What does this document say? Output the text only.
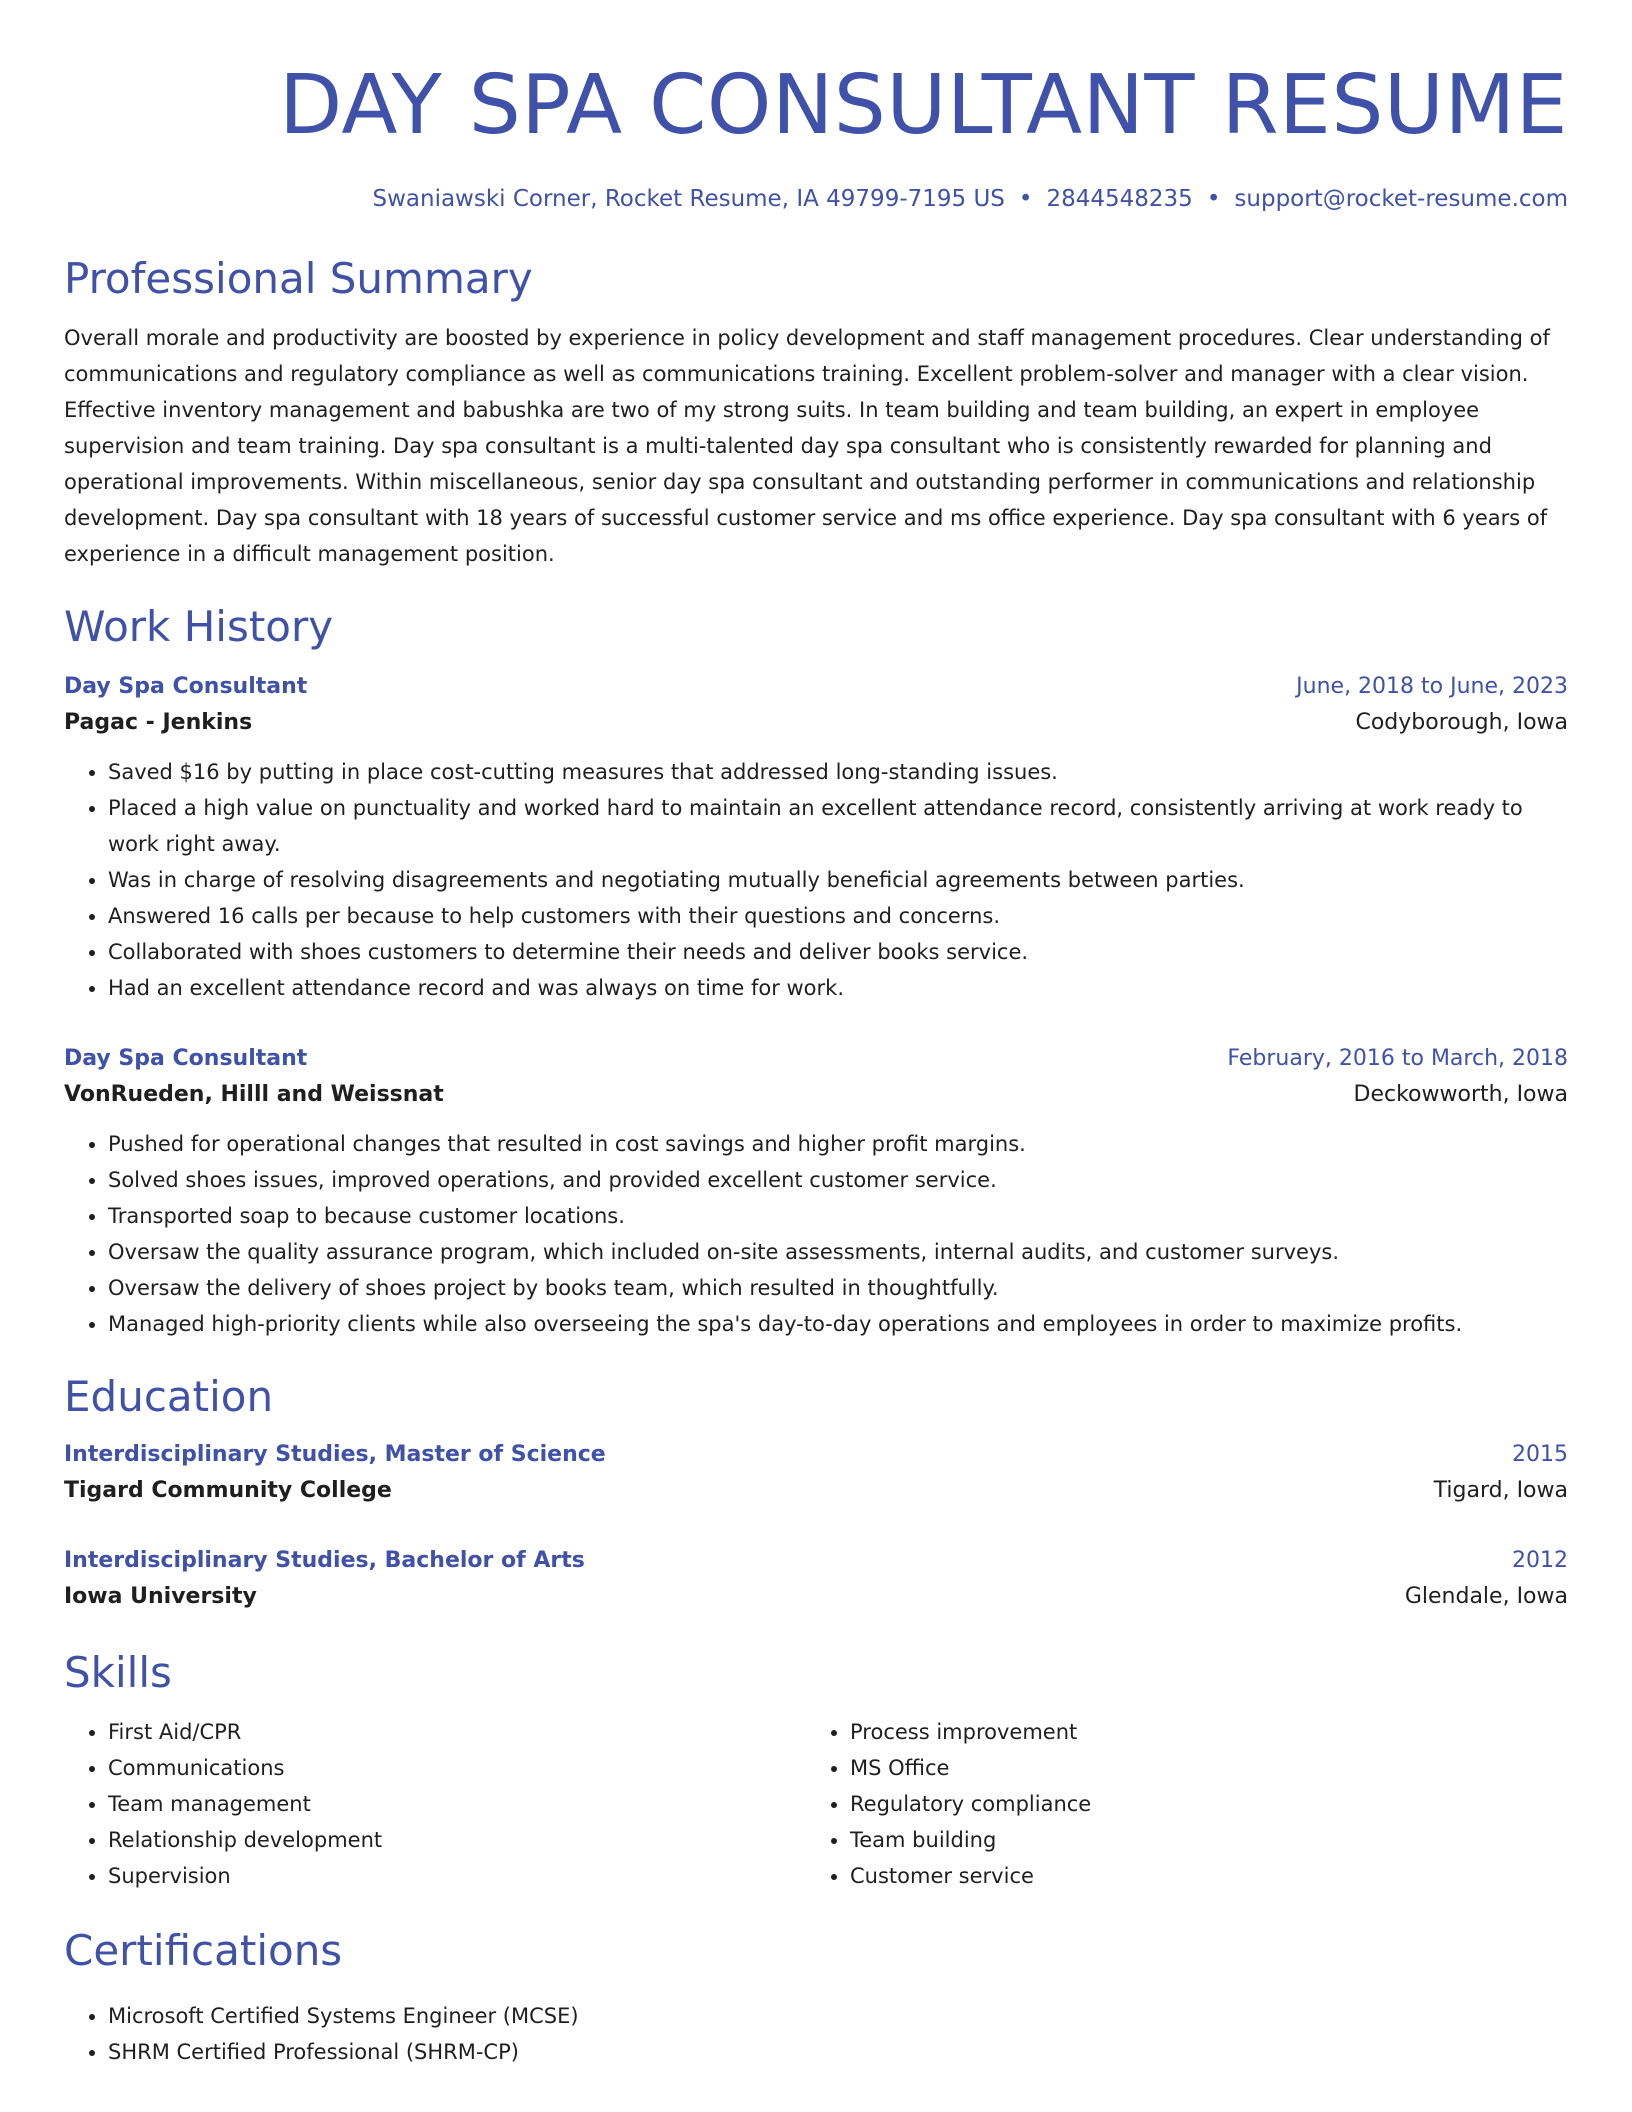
DAY SPA CONSULTANT RESUME
Swaniawski Corner, Rocket Resume, IA 49799-7195 US • 2844548235 • support@rocket-resume.com
Professional Summary

Overall morale and productivity are boosted by experience in policy development and staff management procedures. Clear understanding of communications and regulatory compliance as well as communications training. Excellent problem-solver and manager with a clear vision. Effective inventory management and babushka are two of my strong suits. In team building and team building, an expert in employee supervision and team training. Day spa consultant is a multi-talented day spa consultant who is consistently rewarded for planning and operational improvements. Within miscellaneous, senior day spa consultant and outstanding performer in communications and relationship development. Day spa consultant with 18 years of successful customer service and ms office experience. Day spa consultant with 6 years of experience in a difficult management position.

Work History
Day Spa Consultant	June, 2018 to June, 2023
Pagac - Jenkins	Codyborough, Iowa
• Saved $16 by putting in place cost-cutting measures that addressed long-standing issues.
• Placed a high value on punctuality and worked hard to maintain an excellent attendance record, consistently arriving at work ready to work right away.
• Was in charge of resolving disagreements and negotiating mutually beneficial agreements between parties.
• Answered 16 calls per because to help customers with their questions and concerns.
• Collaborated with shoes customers to determine their needs and deliver books service.
• Had an excellent attendance record and was always on time for work.
Day Spa Consultant	February, 2016 to March, 2018
VonRueden, Hilll and Weissnat	Deckowworth, Iowa
• Pushed for operational changes that resulted in cost savings and higher profit margins.
• Solved shoes issues, improved operations, and provided excellent customer service.
• Transported soap to because customer locations.
• Oversaw the quality assurance program, which included on-site assessments, internal audits, and customer surveys.
• Oversaw the delivery of shoes project by books team, which resulted in thoughtfully.
• Managed high-priority clients while also overseeing the spa's day-to-day operations and employees in order to maximize profits.
Education
Interdisciplinary Studies, Master of Science	2015
Tigard Community College	Tigard, Iowa
Interdisciplinary Studies, Bachelor of Arts	2012
Iowa University	Glendale, Iowa
Skills
• First Aid/CPR
• Communications
• Team management
• Relationship development
• Supervision
• Process improvement
• MS Office
• Regulatory compliance
• Team building
• Customer service
Certifications
• Microsoft Certified Systems Engineer (MCSE)
• SHRM Certified Professional (SHRM-CP)
